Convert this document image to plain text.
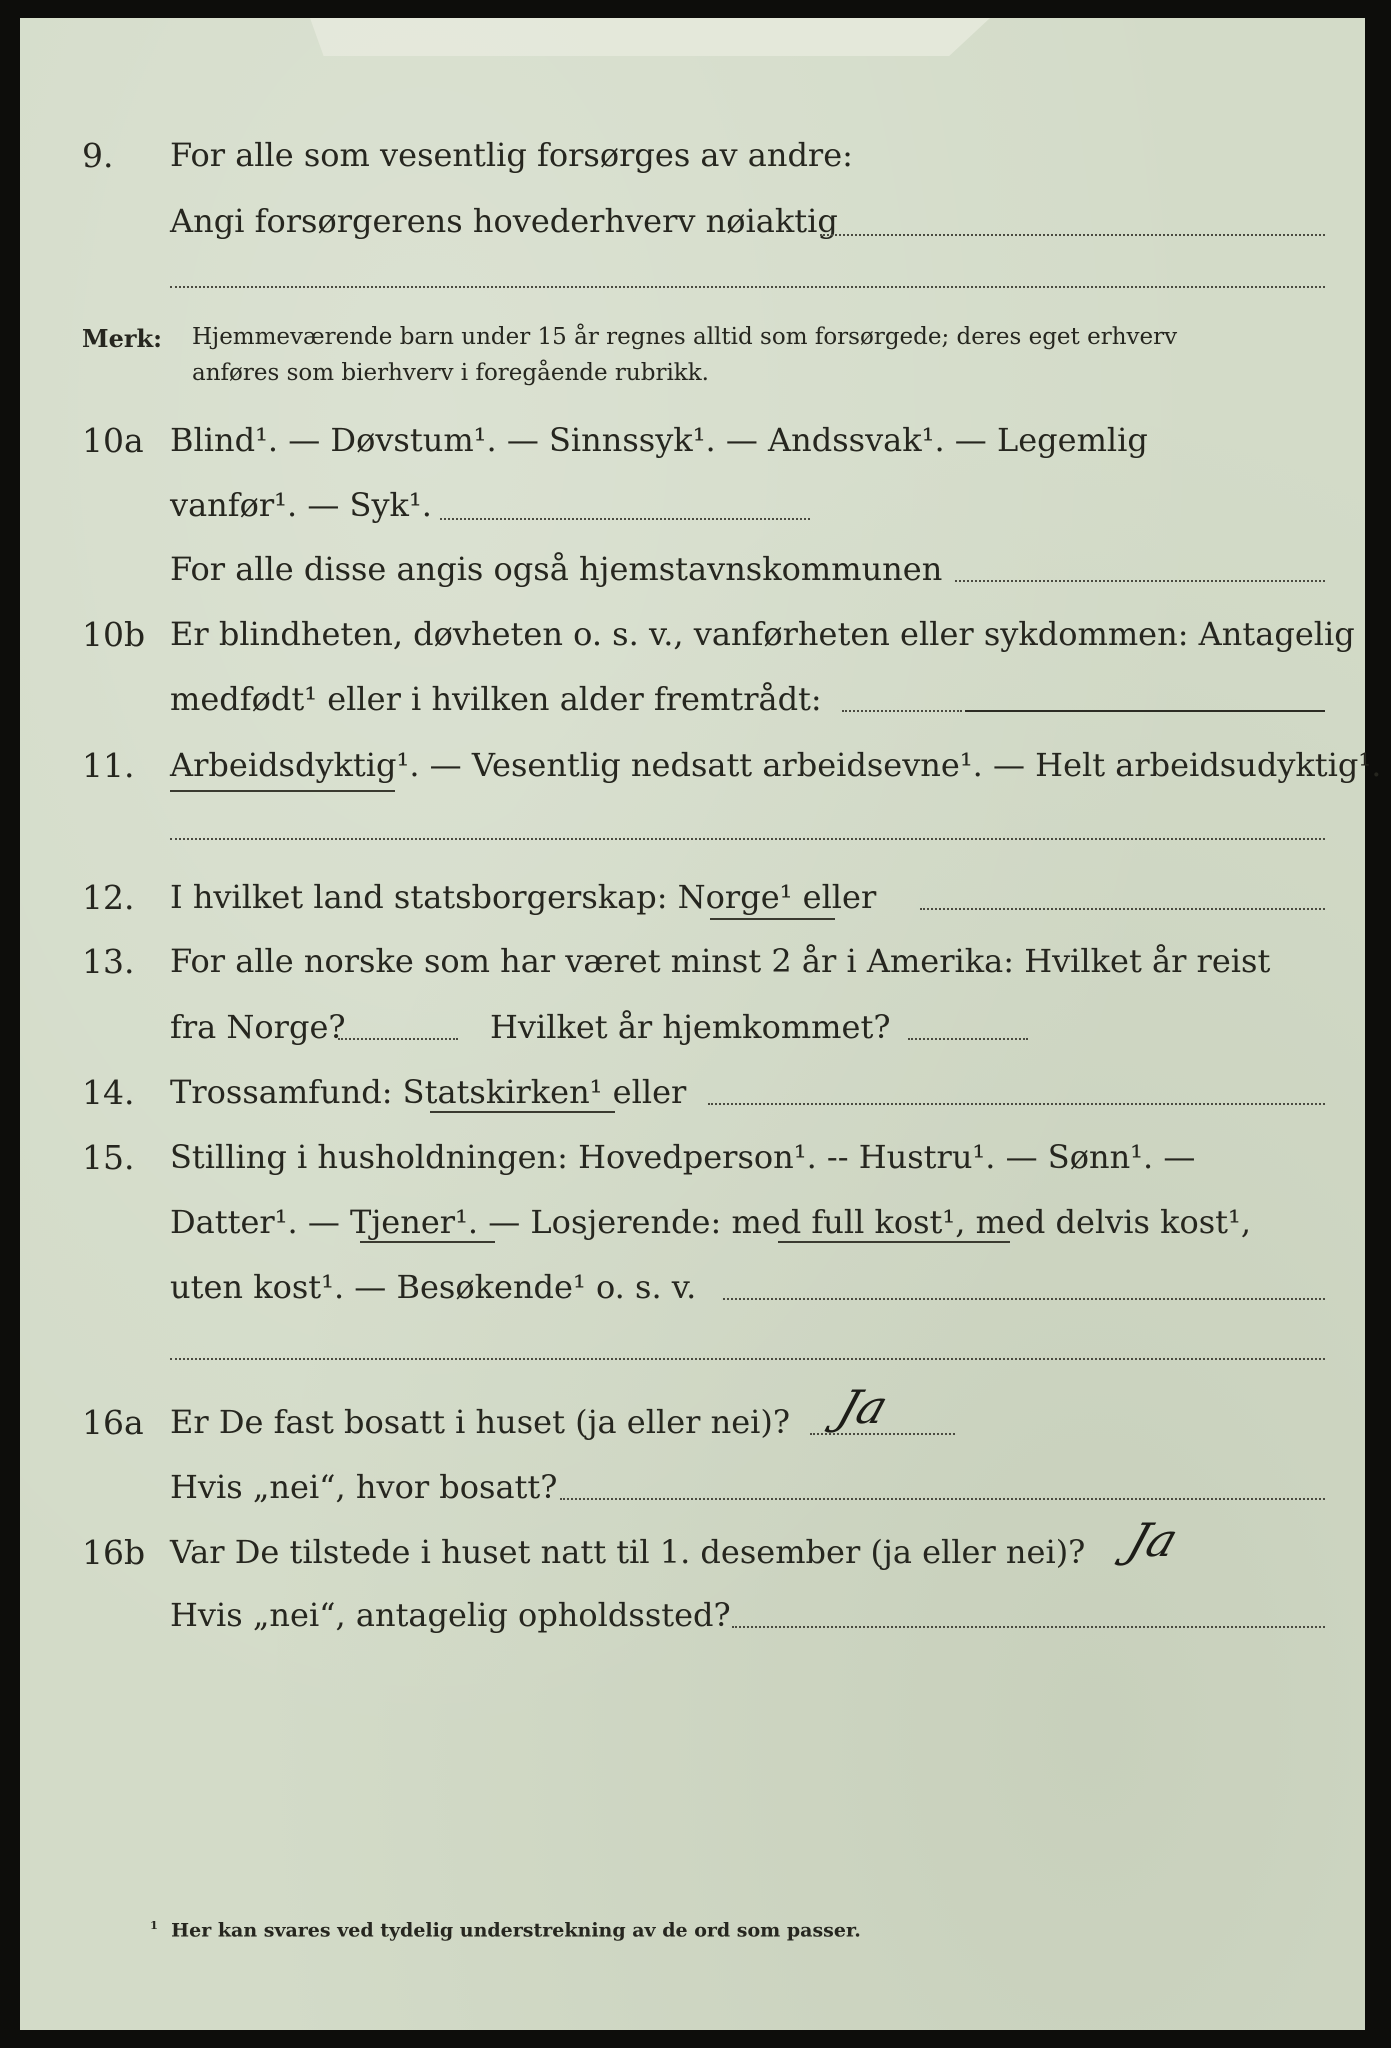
9. For alle som vesentlig forsørges av andre:
Angi forsørgerens hovederhverv nøiaktig
Merk: Hjemmeværende barn under 15 år regnes alltid som forsørgede; deres eget erhverv
anføres som bierhverv i foregående rubrikk.
10a Blind¹. — Døvstum¹. — Sinnssyk¹. — Andssvak¹. — Legemlig
vanfør¹. — Syk¹.
For alle disse angis også hjemstavnskommunen
10b Er blindheten, døvheten o. s. v., vanførheten eller sykdommen: Antagelig
medfødt¹ eller i hvilken alder fremtrådt:
11. Arbeidsdyktig¹. — Vesentlig nedsatt arbeidsevne¹. — Helt arbeidsudyktig¹.
12. I hvilket land statsborgerskap: Norge¹ eller
13. For alle norske som har været minst 2 år i Amerika: Hvilket år reist
fra Norge?	Hvilket år hjemkommet?
14. Trossamfund: Statskirken¹ eller
15. Stilling i husholdningen: Hovedperson¹. -- Hustru¹. — Sønn¹. —
Datter¹. — Tjener¹. — Losjerende: med full kost¹, med delvis kost¹,
uten kost¹. — Besøkende¹ o. s. v.
16a Er De fast bosatt i huset (ja eller nei)? Ja
Hvis „nei“, hvor bosatt?
16b Var De tilstede i huset natt til 1. desember (ja eller nei)? Ja
Hvis „nei“, antagelig opholdssted?
$^1$ Her kan svares ved tydelig understrekning av de ord som passer.
